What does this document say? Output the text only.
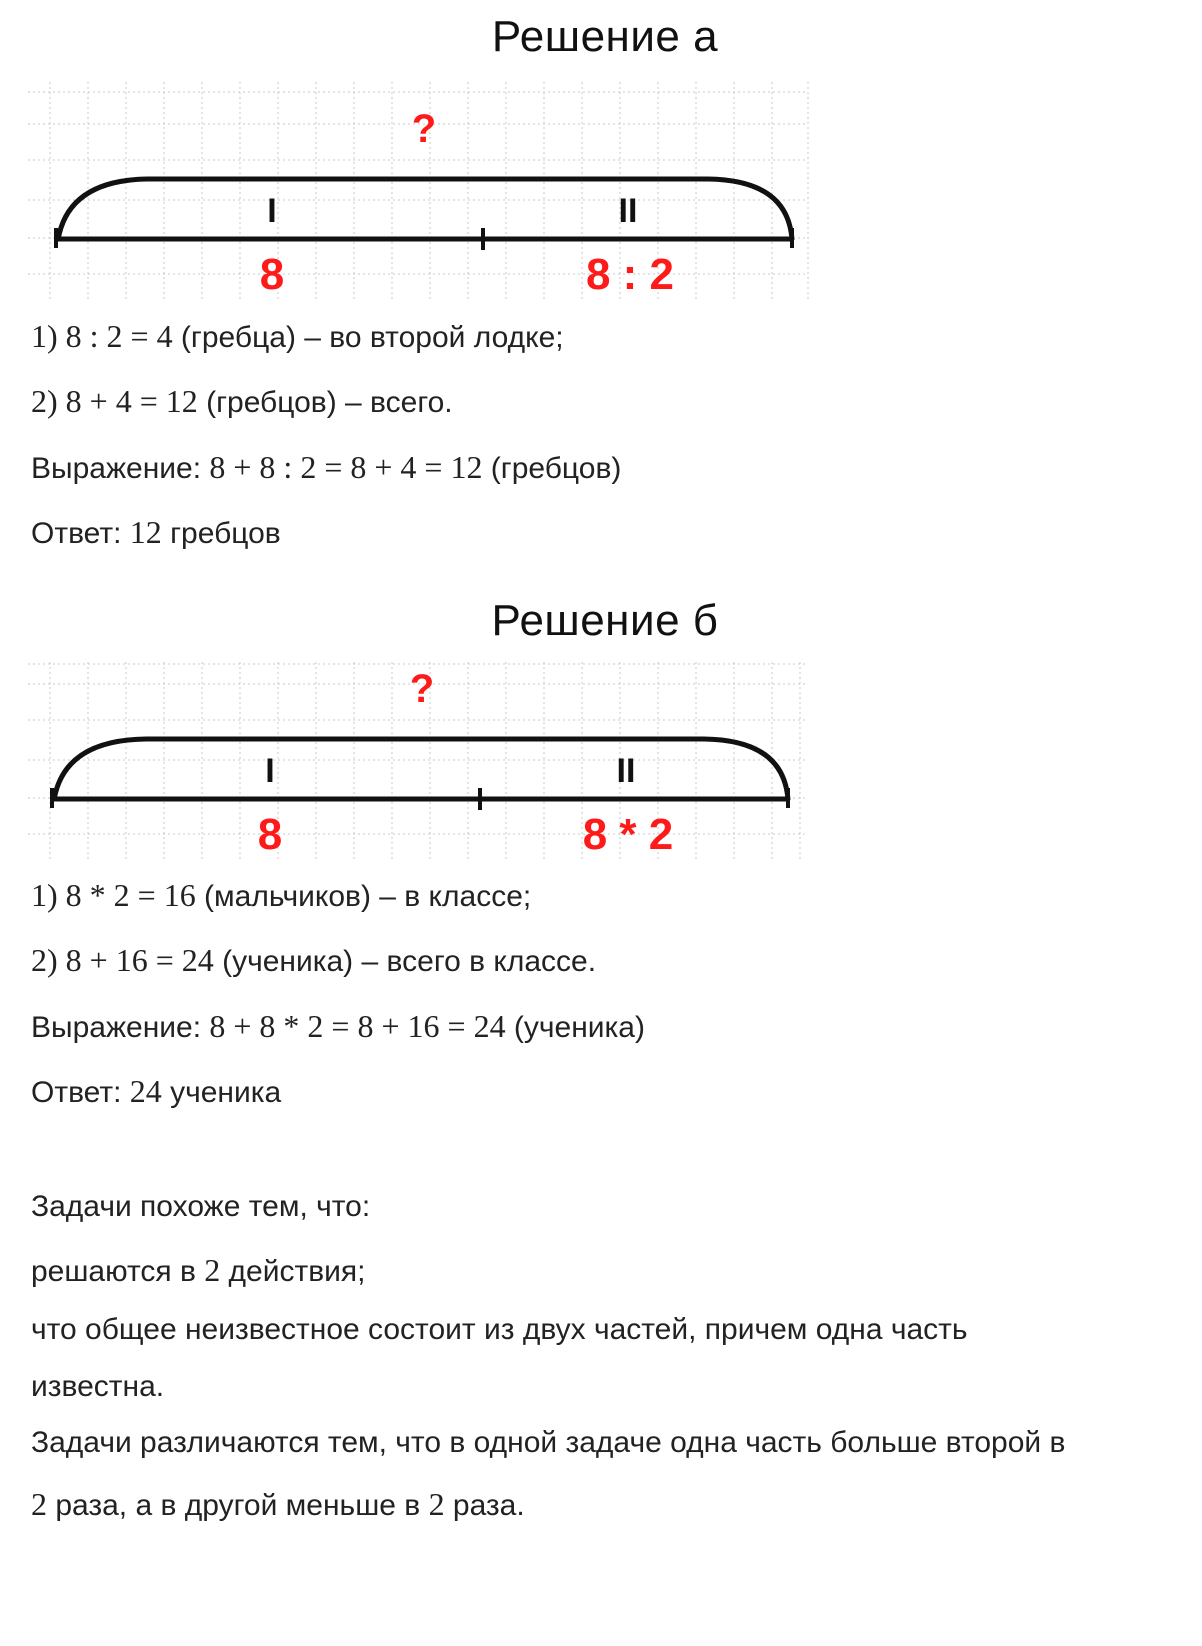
Решение а
?
I	II
8	8 : 2
1) 8 : 2 = 4 (гребца) – во второй лодке;
2) 8 + 4 = 12 (гребцов) – всего.
Выражение: 8 + 8 : 2 = 8 + 4 = 12 (гребцов)
Ответ: 12 гребцов
Решение б
?
I	II
8	8 * 2
1) 8 * 2 = 16 (мальчиков) – в классе;
2) 8 + 16 = 24 (ученика) – всего в классе.
Выражение: 8 + 8 * 2 = 8 + 16 = 24 (ученика)
Ответ: 24 ученика
Задачи похоже тем, что:
решаются в 2 действия;
что общее неизвестное состоит из двух частей, причем одна часть
известна.
Задачи различаются тем, что в одной задаче одна часть больше второй в
2 раза, а в другой меньше в 2 раза.
